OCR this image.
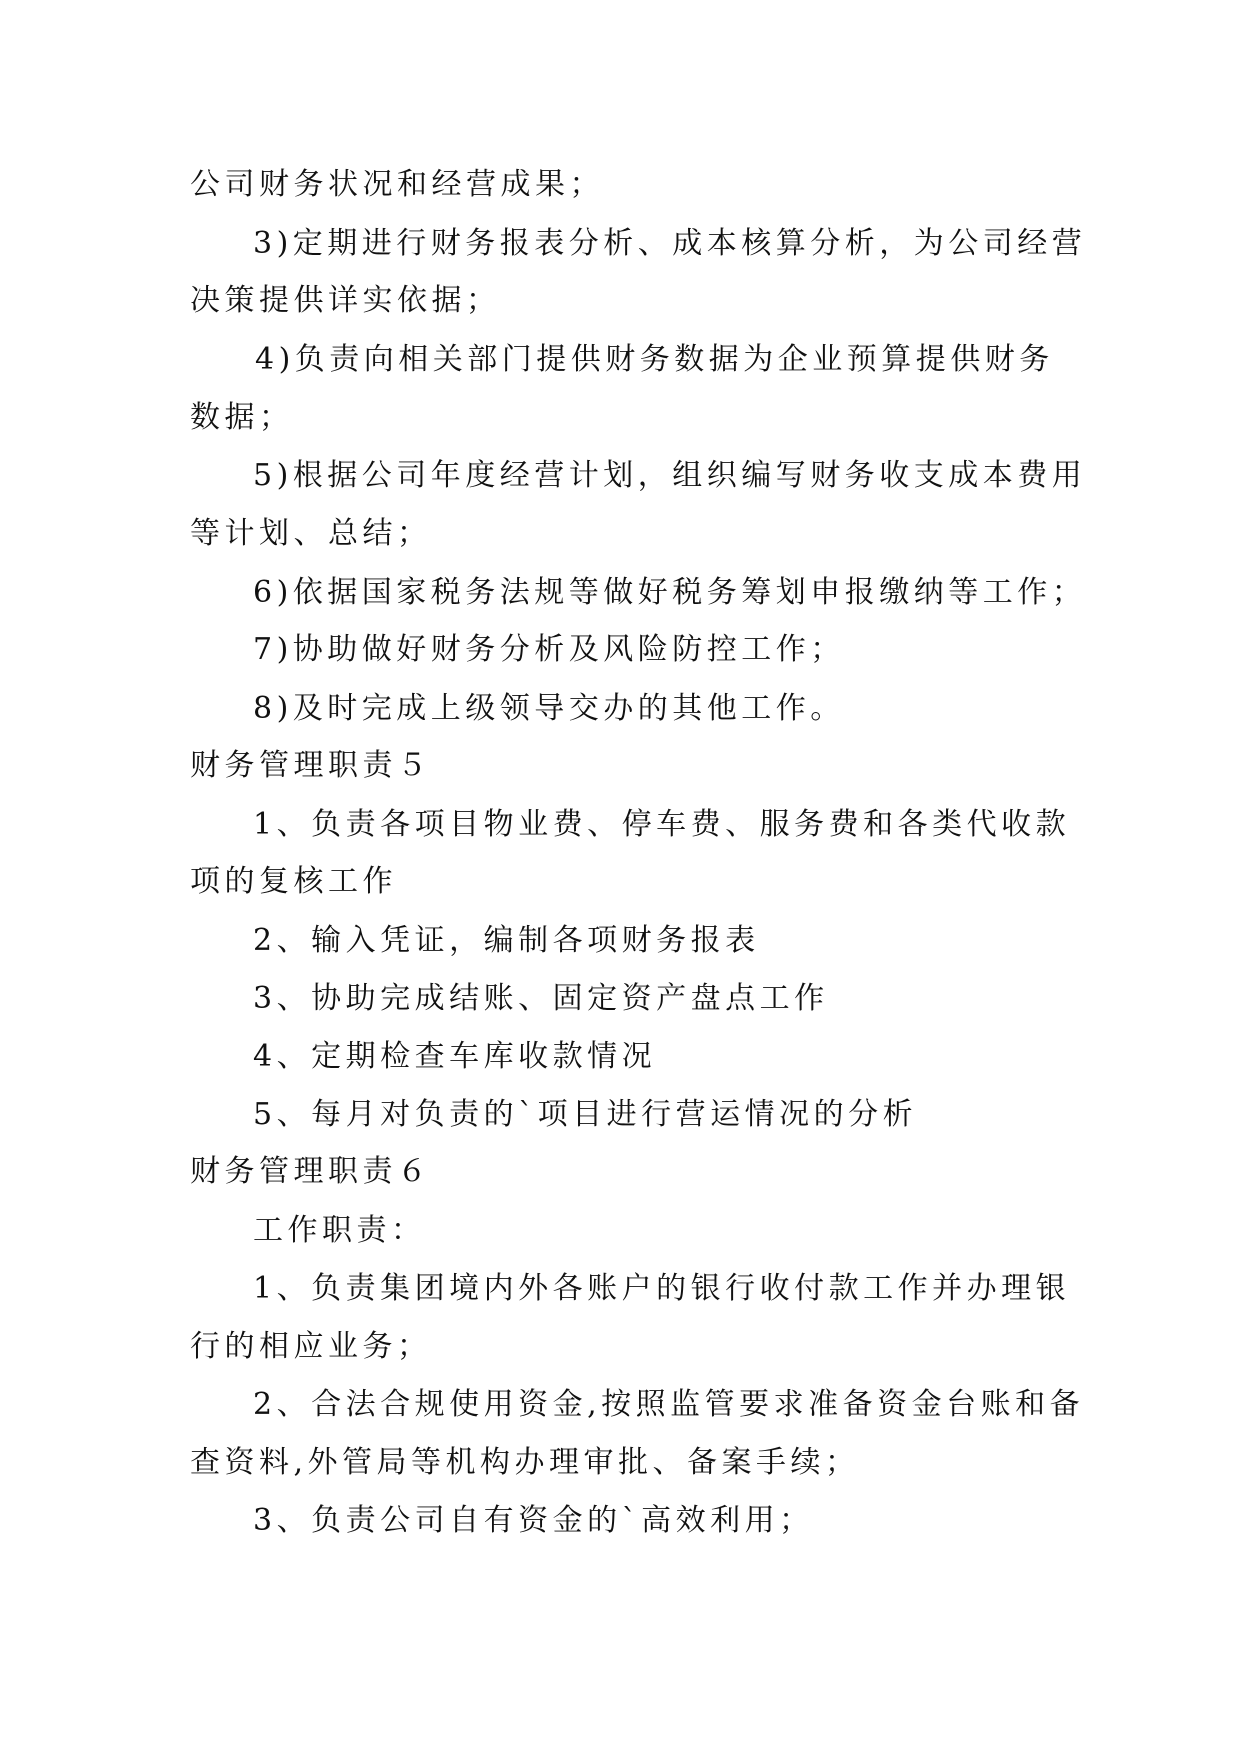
公司财务状况和经营成果；
3)定期进行财务报表分析、成本核算分析，为公司经营
决策提供详实依据；
4)负责向相关部门提供财务数据为企业预算提供财务
数据；
5)根据公司年度经营计划，组织编写财务收支成本费用
等计划、总结；
6)依据国家税务法规等做好税务筹划申报缴纳等工作；
7)协助做好财务分析及风险防控工作；
8)及时完成上级领导交办的其他工作。
财务管理职责５
1、负责各项目物业费、停车费、服务费和各类代收款
项的复核工作
2、输入凭证，编制各项财务报表
3、协助完成结账、固定资产盘点工作
4、定期检查车库收款情况
5、每月对负责的`项目进行营运情况的分析
财务管理职责６
工作职责：
1、负责集团境内外各账户的银行收付款工作并办理银
行的相应业务；
2、合法合规使用资金,按照监管要求准备资金台账和备
查资料,外管局等机构办理审批、备案手续；
3、负责公司自有资金的`高效利用；
